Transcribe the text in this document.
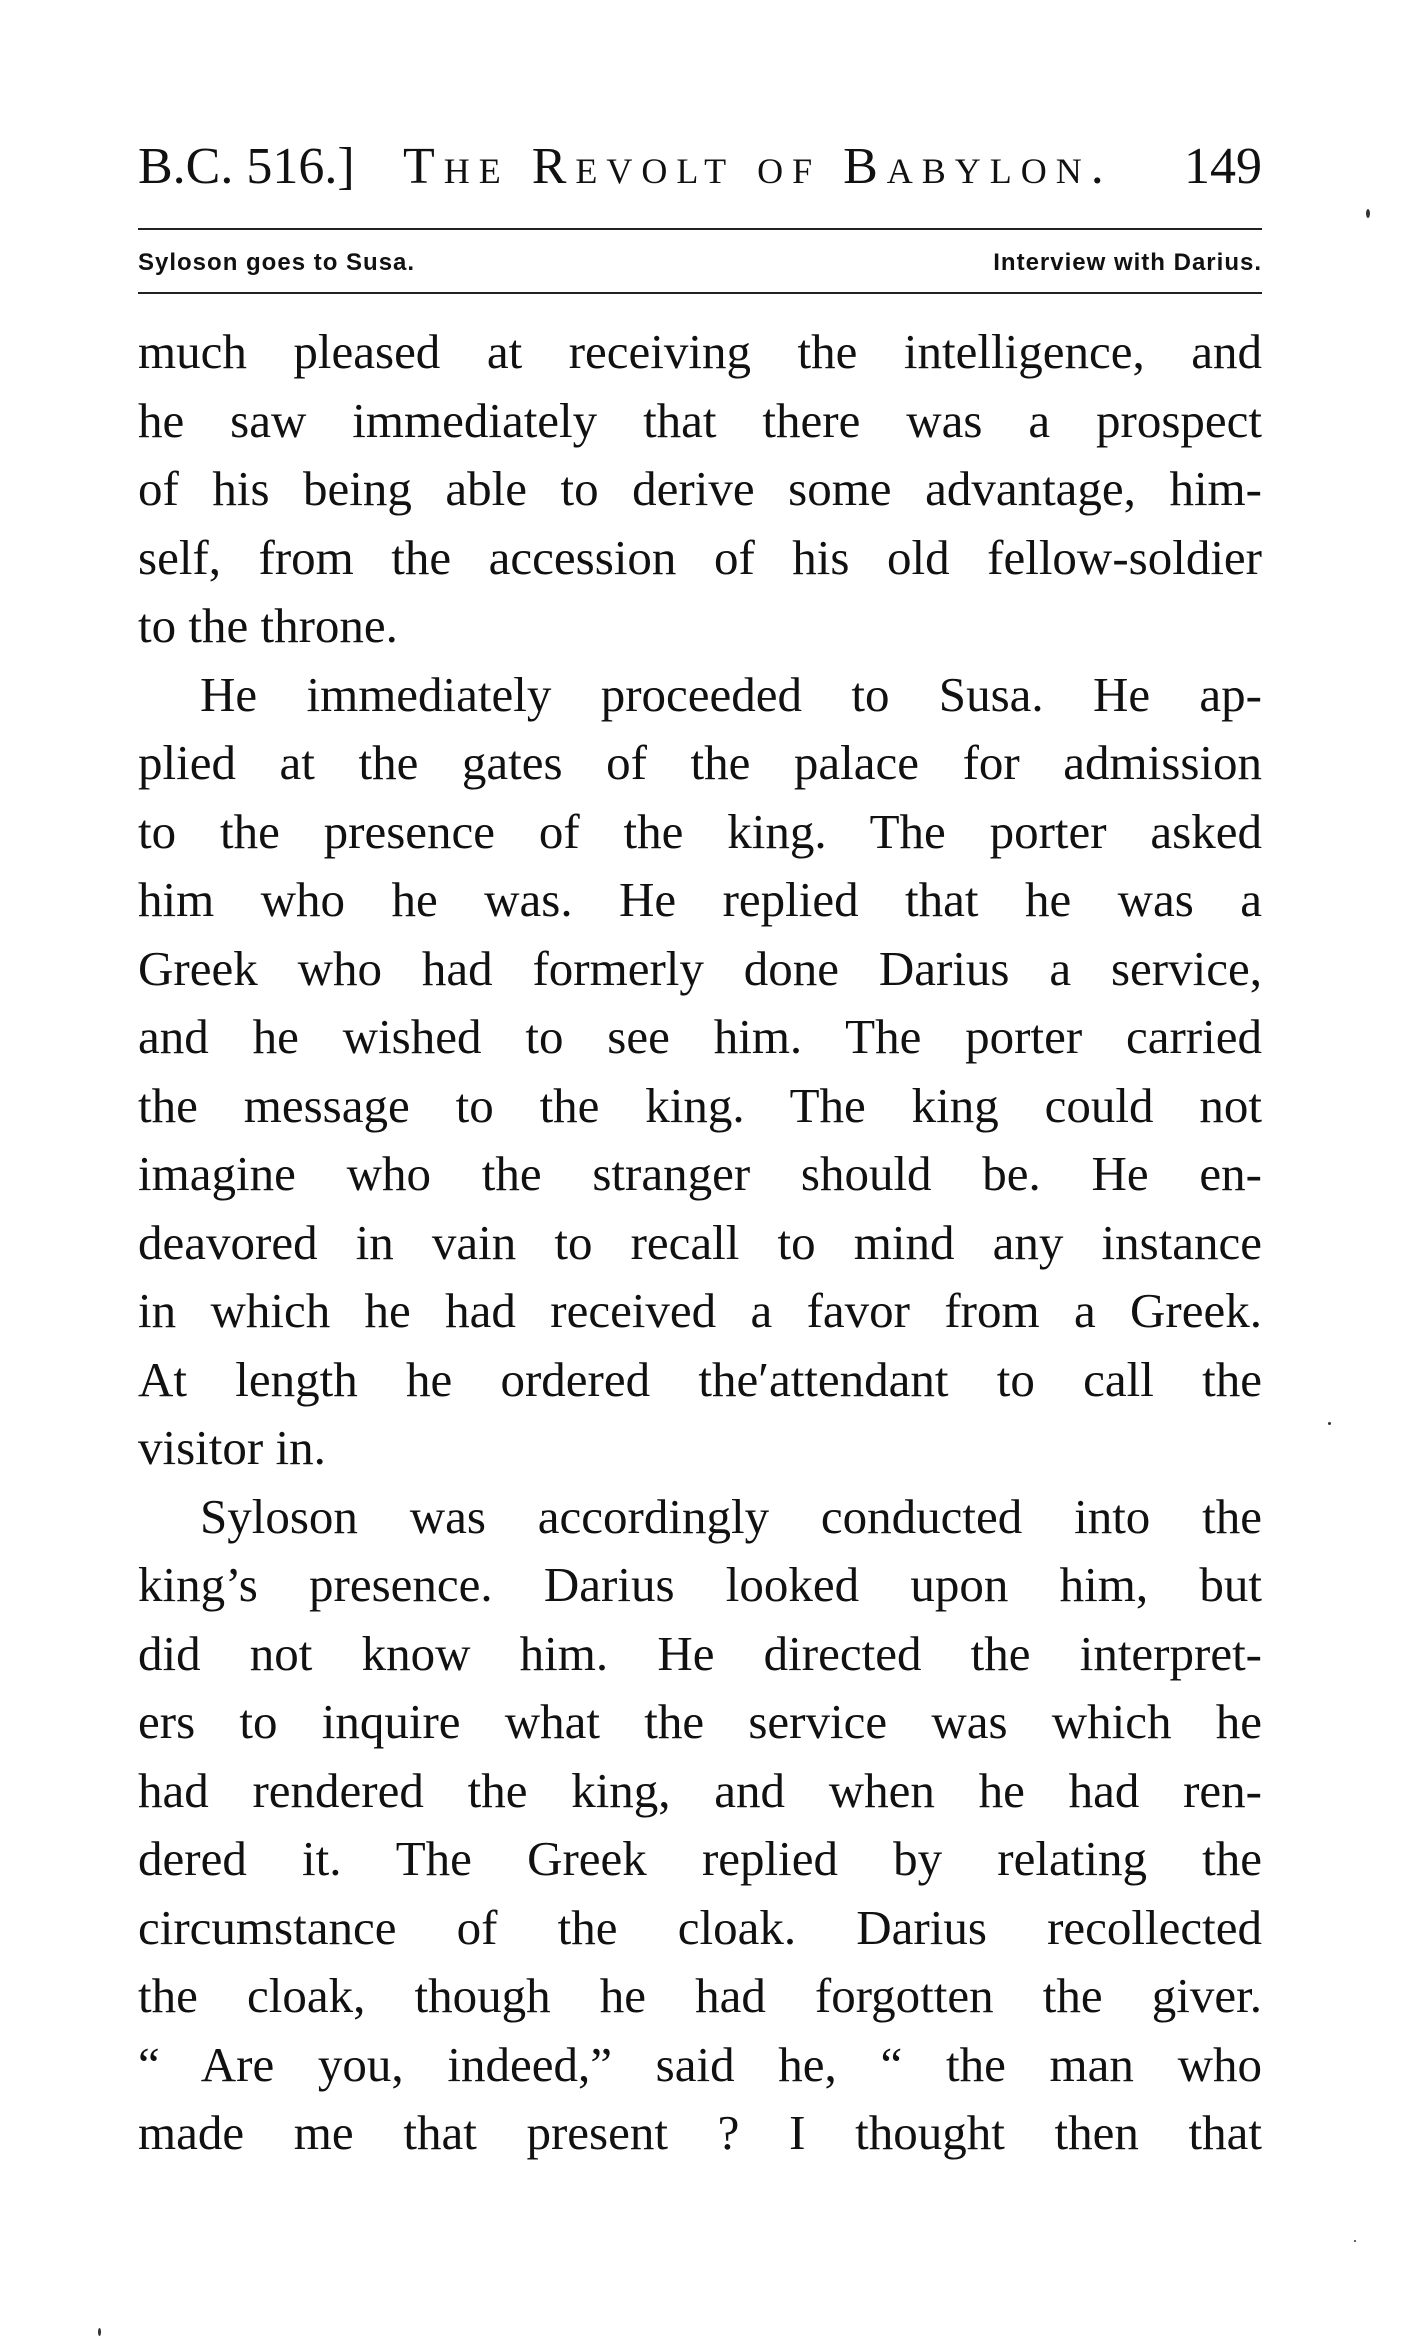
B.C. 516.] The Revolt of Babylon. 149
Syloson goes to Susa.	Interview with Darius.
much pleased at receiving the intelligence, and
he saw immediately that there was a prospect
of his being able to derive some advantage, him-
self, from the accession of his old fellow-soldier
to the throne.
He immediately proceeded to Susa. He ap-
plied at the gates of the palace for admission
to the presence of the king. The porter asked
him who he was. He replied that he was a
Greek who had formerly done Darius a service,
and he wished to see him. The porter carried
the message to the king. The king could not
imagine who the stranger should be. He en-
deavored in vain to recall to mind any instance
in which he had received a favor from a Greek.
At length he ordered the′attendant to call the
visitor in.
Syloson was accordingly conducted into the
king’s presence. Darius looked upon him, but
did not know him. He directed the interpret-
ers to inquire what the service was which he
had rendered the king, and when he had ren-
dered it. The Greek replied by relating the
circumstance of the cloak. Darius recollected
the cloak, though he had forgotten the giver.
“ Are you, indeed,” said he, “ the man who
made me that present ? I thought then that
